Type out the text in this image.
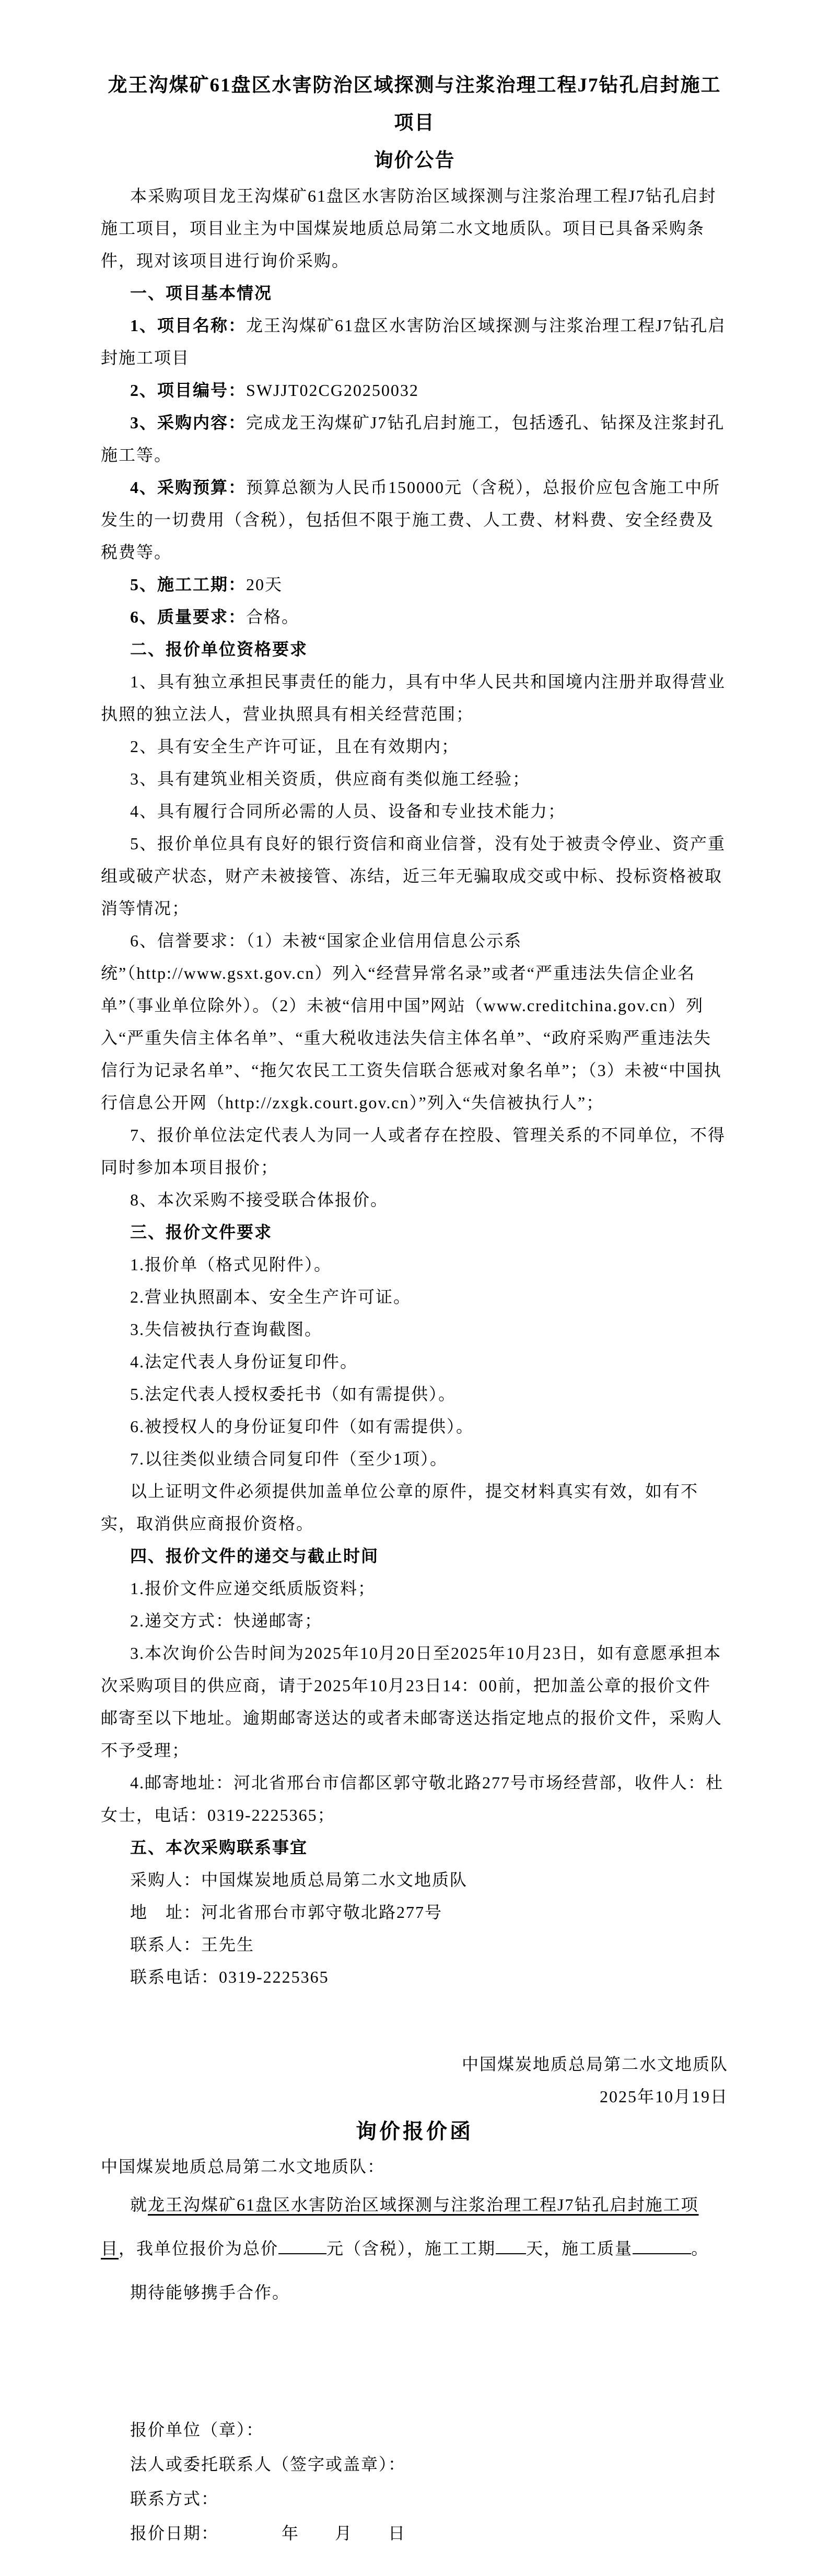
龙王沟煤矿61盘区水害防治区域探测与注浆治理工程J7钻孔启封施工项目
询价公告

本采购项目龙王沟煤矿61盘区水害防治区域探测与注浆治理工程J7钻孔启封施工项目，项目业主为中国煤炭地质总局第二水文地质队。项目已具备采购条件，现对该项目进行询价采购。

一、项目基本情况

1、项目名称：龙王沟煤矿61盘区水害防治区域探测与注浆治理工程J7钻孔启封施工项目

2、项目编号：SWJJT02CG20250032

3、采购内容：完成龙王沟煤矿J7钻孔启封施工，包括透孔、钻探及注浆封孔施工等。

4、采购预算：预算总额为人民币150000元（含税），总报价应包含施工中所发生的一切费用（含税），包括但不限于施工费、人工费、材料费、安全经费及税费等。

5、施工工期：20天

6、质量要求：合格。

二、报价单位资格要求

1、具有独立承担民事责任的能力，具有中华人民共和国境内注册并取得营业执照的独立法人，营业执照具有相关经营范围；

2、具有安全生产许可证，且在有效期内；

3、具有建筑业相关资质，供应商有类似施工经验；

4、具有履行合同所必需的人员、设备和专业技术能力；

5、报价单位具有良好的银行资信和商业信誉，没有处于被责令停业、资产重组或破产状态，财产未被接管、冻结，近三年无骗取成交或中标、投标资格被取消等情况；

6、信誉要求：（1）未被“国家企业信用信息公示系统”（http://www.gsxt.gov.cn）列入“经营异常名录”或者“严重违法失信企业名单”（事业单位除外）。（2）未被“信用中国”网站（www.creditchina.gov.cn）列入“严重失信主体名单”、“重大税收违法失信主体名单”、“政府采购严重违法失信行为记录名单”、“拖欠农民工工资失信联合惩戒对象名单”；（3）未被“中国执行信息公开网（http://zxgk.court.gov.cn）”列入“失信被执行人”；

7、报价单位法定代表人为同一人或者存在控股、管理关系的不同单位，不得同时参加本项目报价；

8、本次采购不接受联合体报价。

三、报价文件要求

1.报价单（格式见附件）。

2.营业执照副本、安全生产许可证。

3.失信被执行查询截图。

4.法定代表人身份证复印件。

5.法定代表人授权委托书（如有需提供）。

6.被授权人的身份证复印件（如有需提供）。

7.以往类似业绩合同复印件（至少1项）。

以上证明文件必须提供加盖单位公章的原件，提交材料真实有效，如有不实，取消供应商报价资格。

四、报价文件的递交与截止时间

1.报价文件应递交纸质版资料；

2.递交方式：快递邮寄；

3.本次询价公告时间为2025年10月20日至2025年10月23日，如有意愿承担本次采购项目的供应商，请于2025年10月23日14：00前，把加盖公章的报价文件邮寄至以下地址。逾期邮寄送达的或者未邮寄送达指定地点的报价文件，采购人不予受理；

4.邮寄地址：河北省邢台市信都区郭守敬北路277号市场经营部，收件人：杜女士，电话：0319-2225365；

五、本次采购联系事宜

采购人：中国煤炭地质总局第二水文地质队

地　址：河北省邢台市郭守敬北路277号

联系人：王先生

联系电话：0319-2225365

中国煤炭地质总局第二水文地质队

2025年10月19日

询价报价函

中国煤炭地质总局第二水文地质队：

就龙王沟煤矿61盘区水害防治区域探测与注浆治理工程J7钻孔启封施工项目，我单位报价为总价	元（含税），施工工期 天，施工质量	。

期待能够携手合作。

报价单位（章）：

法人或委托联系人（签字或盖章）：

联系方式：

报价日期：　　　　年　　月　　日
